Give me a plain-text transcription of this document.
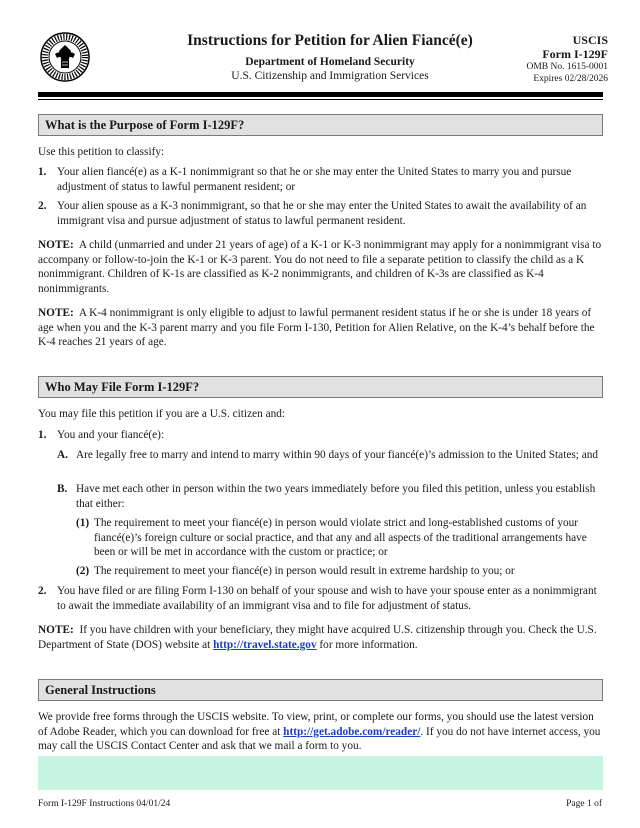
Instructions for Petition for Alien Fiancé(e)
Department of Homeland Security
U.S. Citizenship and Immigration Services
USCIS
Form I-129F
OMB No. 1615-0001
Expires 02/28/2026
What is the Purpose of Form I-129F?
Use this petition to classify:
1. Your alien fiancé(e) as a K-1 nonimmigrant so that he or she may enter the United States to marry you and pursue adjustment of status to lawful permanent resident; or
2. Your alien spouse as a K-3 nonimmigrant, so that he or she may enter the United States to await the availability of an immigrant visa and pursue adjustment of status to lawful permanent resident.
NOTE: A child (unmarried and under 21 years of age) of a K-1 or K-3 nonimmigrant may apply for a nonimmigrant visa to accompany or follow-to-join the K-1 or K-3 parent. You do not need to file a separate petition to classify the child as a K nonimmigrant. Children of K-1s are classified as K-2 nonimmigrants, and children of K-3s are classified as K-4 nonimmigrants.
NOTE: A K-4 nonimmigrant is only eligible to adjust to lawful permanent resident status if he or she is under 18 years of age when you and the K-3 parent marry and you file Form I-130, Petition for Alien Relative, on the K-4’s behalf before the K-4 reaches 21 years of age.
Who May File Form I-129F?
You may file this petition if you are a U.S. citizen and:
1. You and your fiancé(e):
A. Are legally free to marry and intend to marry within 90 days of your fiancé(e)’s admission to the United States; and
B. Have met each other in person within the two years immediately before you filed this petition, unless you establish that either:
(1) The requirement to meet your fiancé(e) in person would violate strict and long-established customs of your fiancé(e)’s foreign culture or social practice, and that any and all aspects of the traditional arrangements have been or will be met in accordance with the custom or practice; or
(2) The requirement to meet your fiancé(e) in person would result in extreme hardship to you; or
2. You have filed or are filing Form I-130 on behalf of your spouse and wish to have your spouse enter as a nonimmigrant to await the immediate availability of an immigrant visa and to file for adjustment of status.
NOTE: If you have children with your beneficiary, they might have acquired U.S. citizenship through you. Check the U.S. Department of State (DOS) website at http://travel.state.gov for more information.
General Instructions
We provide free forms through the USCIS website. To view, print, or complete our forms, you should use the latest version of Adobe Reader, which you can download for free at http://get.adobe.com/reader/. If you do not have internet access, you may call the USCIS Contact Center and ask that we mail a form to you.
Form I-129F Instructions 04/01/24	Page 1 of
